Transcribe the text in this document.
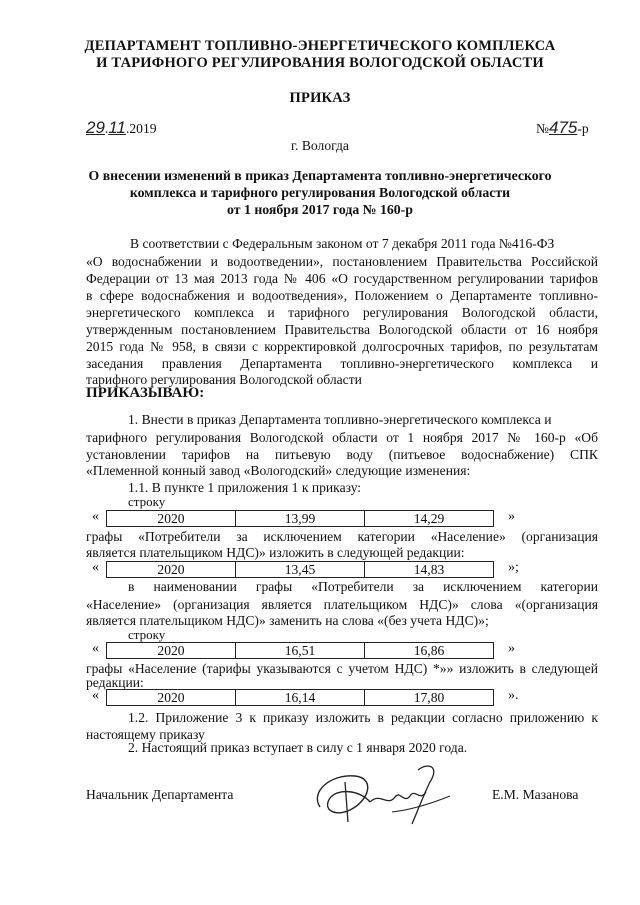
ДЕПАРТАМЕНТ ТОПЛИВНО-ЭНЕРГЕТИЧЕСКОГО КОМПЛЕКСА
И ТАРИФНОГО РЕГУЛИРОВАНИЯ ВОЛОГОДСКОЙ ОБЛАСТИ
ПРИКАЗ
29.11.2019	№475-р
г. Вологда
О внесении изменений в приказ Департамента топливно-энергетического
комплекса и тарифного регулирования Вологодской области
от 1 ноября 2017 года № 160-р
В соответствии с Федеральным законом от 7 декабря 2011 года №416-ФЗ
«О водоснабжении и водоотведении», постановлением Правительства Российской
Федерации от 13 мая 2013 года № 406 «О государственном регулировании тарифов
в сфере водоснабжения и водоотведения», Положением о Департаменте топливно-
энергетического комплекса и тарифного регулирования Вологодской области,
утвержденным постановлением Правительства Вологодской области от 16 ноября
2015 года № 958, в связи с корректировкой долгосрочных тарифов, по результатам
заседания правления Департамента топливно-энергетического комплекса и
тарифного регулирования Вологодской области
ПРИКАЗЫВАЮ:
1. Внести в приказ Департамента топливно-энергетического комплекса и
тарифного регулирования Вологодской области от 1 ноября 2017 № 160-р «Об
установлении тарифов на питьевую воду (питьевое водоснабжение) СПК
«Племенной конный завод «Вологодский» следующие изменения:
1.1. В пункте 1 приложения 1 к приказу:
строку
«	2020	13,99	14,29	»
графы «Потребители за исключением категории «Население» (организация
является плательщиком НДС)» изложить в следующей редакции:
«	2020	13,45	14,83	»;
в наименовании графы «Потребители за исключением категории
«Население» (организация является плательщиком НДС)» слова «(организация
является плательщиком НДС)» заменить на слова «(без учета НДС)»;
строку
«	2020	16,51	16,86	»
графы «Население (тарифы указываются с учетом НДС) *»» изложить в следующей
редакции:
«	2020	16,14	17,80	».
1.2. Приложение 3 к приказу изложить в редакции согласно приложению к
настоящему приказу
2. Настоящий приказ вступает в силу с 1 января 2020 года.
Начальник Департамента	Е.М. Мазанова
